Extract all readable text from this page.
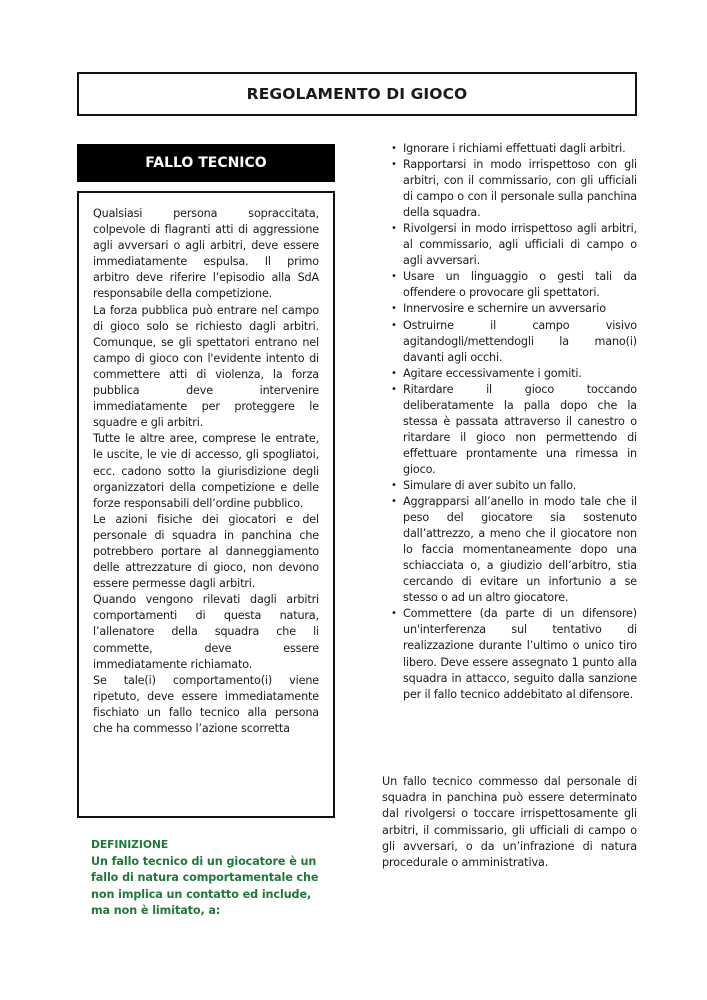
REGOLAMENTO DI GIOCO
FALLO TECNICO

Qualsiasi persona sopraccitata, colpevole di flagranti atti di aggressione agli avversari o agli arbitri, deve essere immediatamente espulsa. Il primo arbitro deve riferire l’episodio alla SdA responsabile della competizione.

La forza pubblica può entrare nel campo di gioco solo se richiesto dagli arbitri. Comunque, se gli spettatori entrano nel campo di gioco con l'evidente intento di commettere atti di violenza, la forza pubblica deve intervenire immediatamente per proteggere le squadre e gli arbitri.

Tutte le altre aree, comprese le entrate, le uscite, le vie di accesso, gli spogliatoi, ecc. cadono sotto la giurisdizione degli organizzatori della competizione e delle forze responsabili dell’ordine pubblico.

Le azioni fisiche dei giocatori e del personale di squadra in panchina che potrebbero portare al danneggiamento delle attrezzature di gioco, non devono essere permesse dagli arbitri.

Quando vengono rilevati dagli arbitri comportamenti di questa natura, l’allenatore della squadra che li commette, deve essere immediatamente richiamato.

Se tale(i) comportamento(i) viene ripetuto, deve essere immediatamente fischiato un fallo tecnico alla persona che ha commesso l’azione scorretta

DEFINIZIONE
Un fallo tecnico di un giocatore è un fallo di natura comportamentale che non implica un contatto ed include, ma non è limitato, a:
• Ignorare i richiami effettuati dagli arbitri.
• Rapportarsi in modo irrispettoso con gli arbitri, con il commissario, con gli ufficiali di campo o con il personale sulla panchina della squadra.
• Rivolgersi in modo irrispettoso agli arbitri, al commissario, agli ufficiali di campo o agli avversari.
• Usare un linguaggio o gesti tali da offendere o provocare gli spettatori.
• Innervosire e schernire un avversario
• Ostruirne il campo visivo agitandogli/mettendogli la mano(i) davanti agli occhi.
• Agitare eccessivamente i gomiti.
• Ritardare il gioco toccando deliberatamente la palla dopo che la stessa è passata attraverso il canestro o ritardare il gioco non permettendo di effettuare prontamente una rimessa in gioco.
• Simulare di aver subito un fallo.
• Aggrapparsi all’anello in modo tale che il peso del giocatore sia sostenuto dall’attrezzo, a meno che il giocatore non lo faccia momentaneamente dopo una schiacciata o, a giudizio dell’arbitro, stia cercando di evitare un infortunio a se stesso o ad un altro giocatore.
• Commettere (da parte di un difensore) un'interferenza sul tentativo di realizzazione durante l’ultimo o unico tiro libero. Deve essere assegnato 1 punto alla squadra in attacco, seguito dalla sanzione per il fallo tecnico addebitato al difensore.
Un fallo tecnico commesso dal personale di squadra in panchina può essere determinato dal rivolgersi o toccare irrispettosamente gli arbitri, il commissario, gli ufficiali di campo o gli avversari, o da un’infrazione di natura procedurale o amministrativa.
